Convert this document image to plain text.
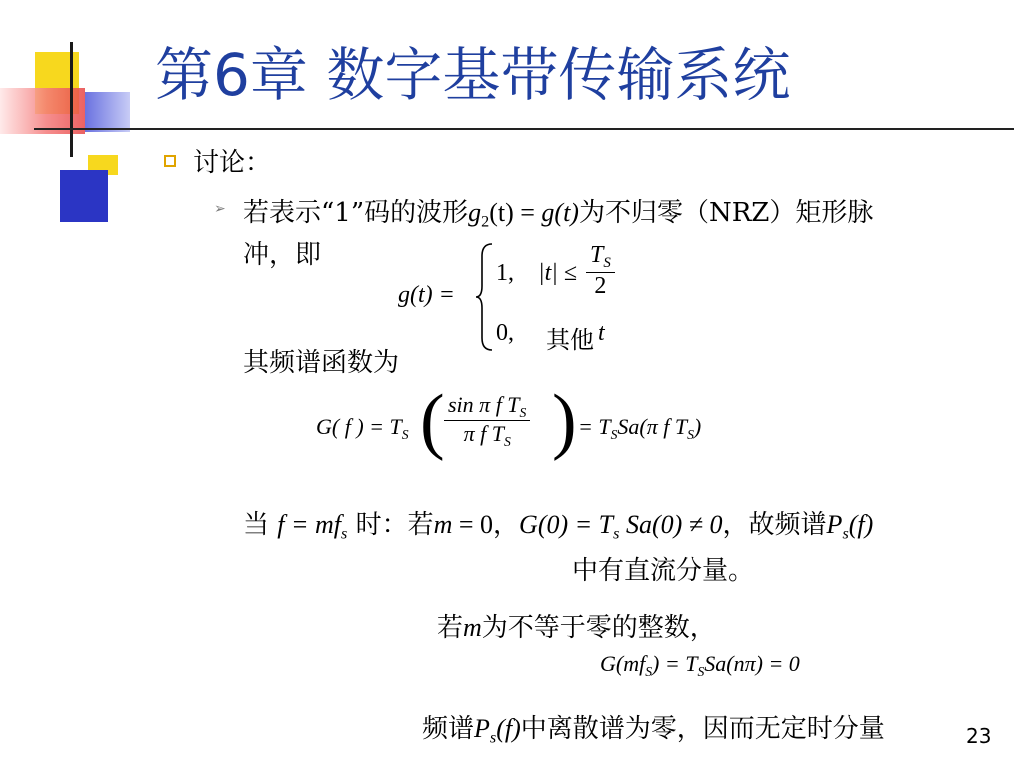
第6章 数字基带传输系统
讨论：
➢ 若表示“1”码的波形$g_2(t) = g(t)$为不归零（NRZ）矩形脉
冲，即
g(t) =
1, $|t| \le \frac{T_S}{2}$
0, 其他 t
其频谱函数为
G( f ) = $T_S$ ( $\frac{\sin \pi f T_S}{\pi f T_S}$ ) = $T_SSa(\pi$ f $T_S$)
当 $f = mf_s$ 时：若m = 0，$G(0) = T_s$ Sa(0) ≠ 0，故频谱$P_s(f)$
中有直流分量。
若m为不等于零的整数，
$G(mf_S) = T_SSa(n\pi) = 0$
频谱$P_s(f)$中离散谱为零，因而无定时分量	23
